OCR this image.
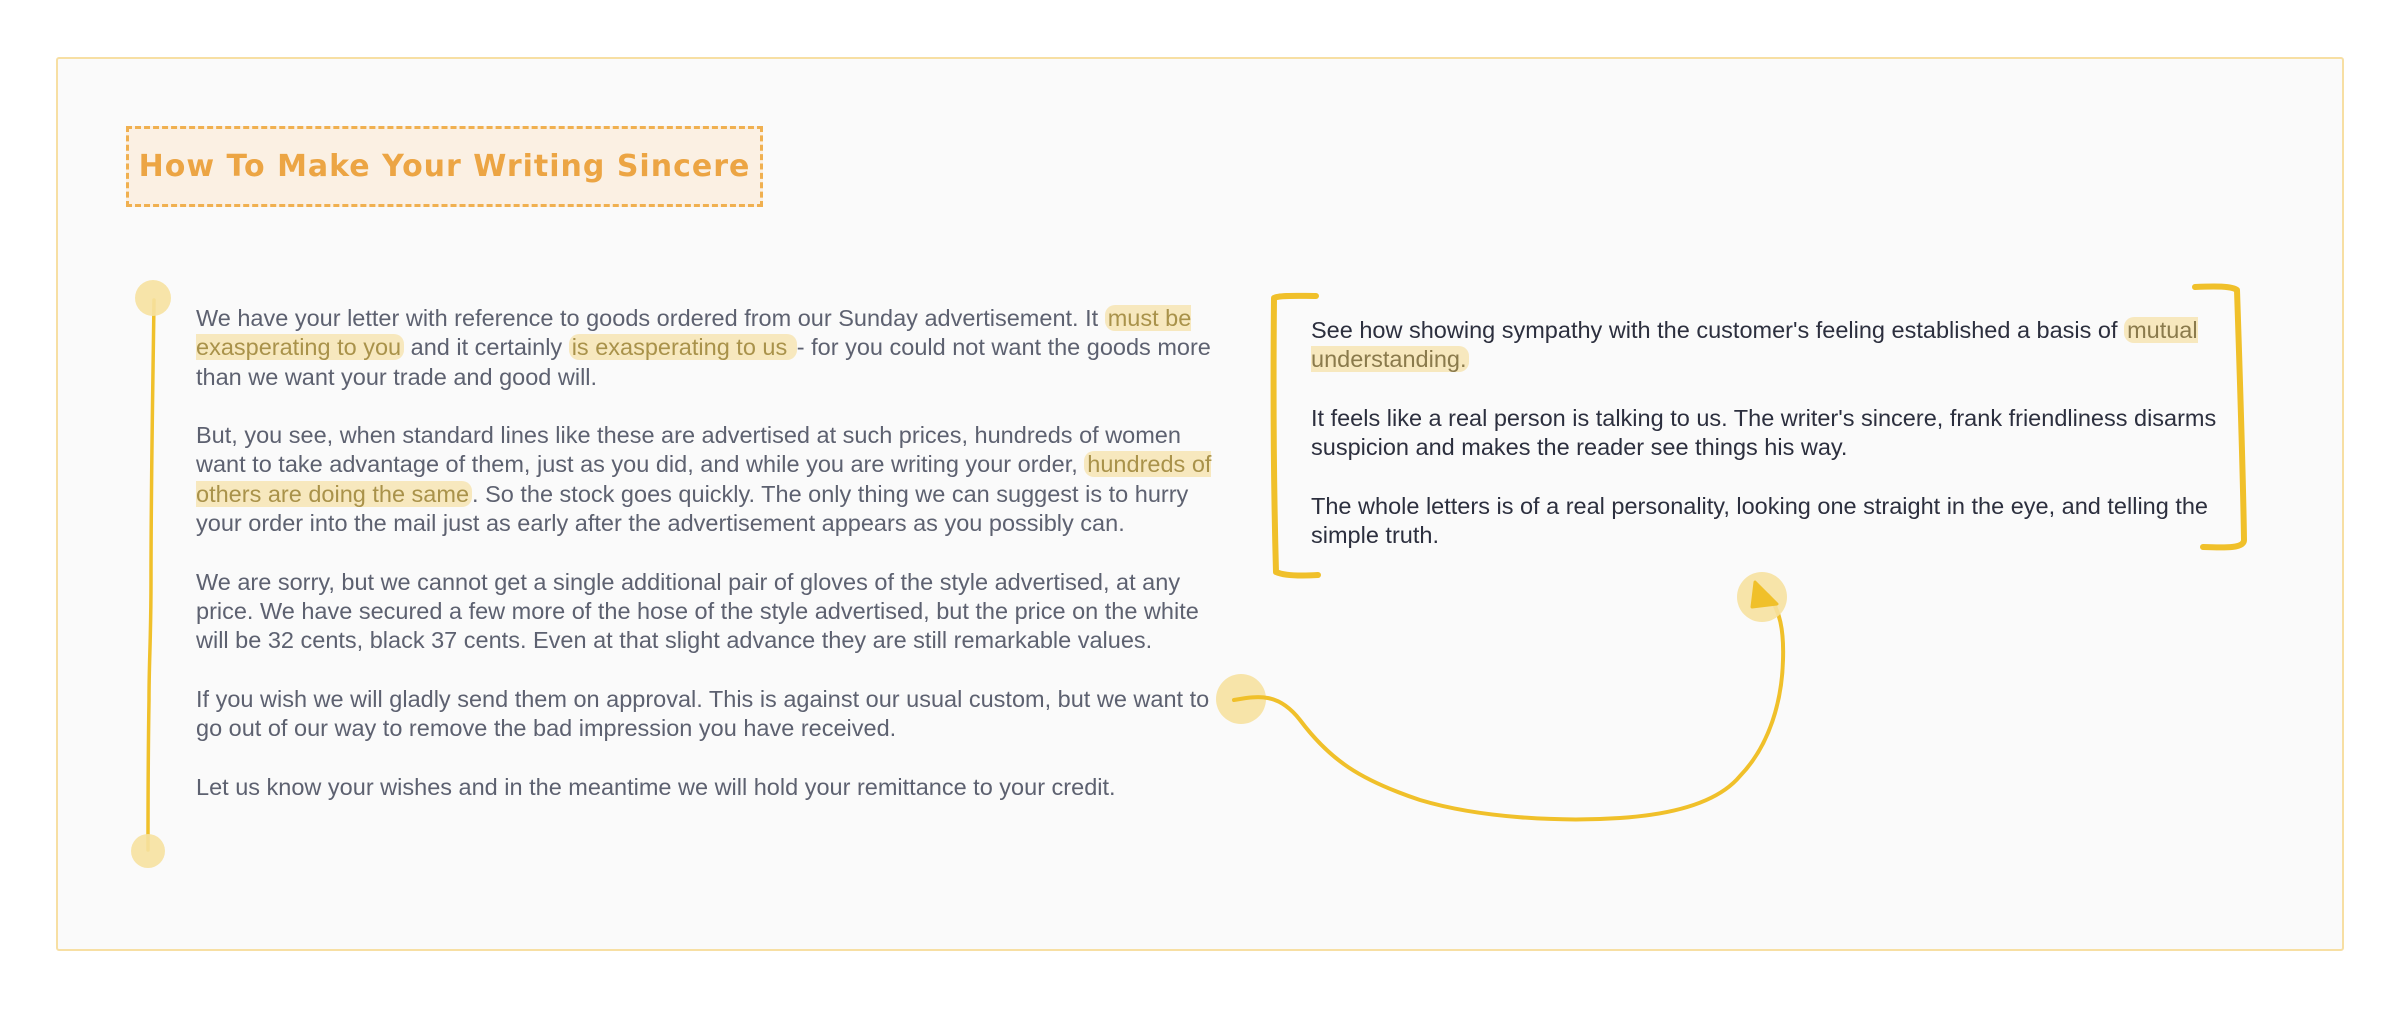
How To Make Your Writing Sincere

We have your letter with reference to goods ordered from our Sunday advertisement. It must be exasperating to you and it certainly is exasperating to us - for you could not want the goods more than we want your trade and good will.

But, you see, when standard lines like these are advertised at such prices, hundreds of women want to take advantage of them, just as you did, and while you are writing your order, hundreds of others are doing the same . So the stock goes quickly. The only thing we can suggest is to hurry your order into the mail just as early after the advertisement appears as you possibly can.

We are sorry, but we cannot get a single additional pair of gloves of the style advertised, at any price. We have secured a few more of the hose of the style advertised, but the price on the white will be 32 cents, black 37 cents. Even at that slight advance they are still remarkable values.

If you wish we will gladly send them on approval. This is against our usual custom, but we want to go out of our way to remove the bad impression you have received.

Let us know your wishes and in the meantime we will hold your remittance to your credit.

See how showing sympathy with the customer's feeling established a basis of mutual understanding.

It feels like a real person is talking to us. The writer's sincere, frank friendliness disarms suspicion and makes the reader see things his way.

The whole letters is of a real personality, looking one straight in the eye, and telling the simple truth.
